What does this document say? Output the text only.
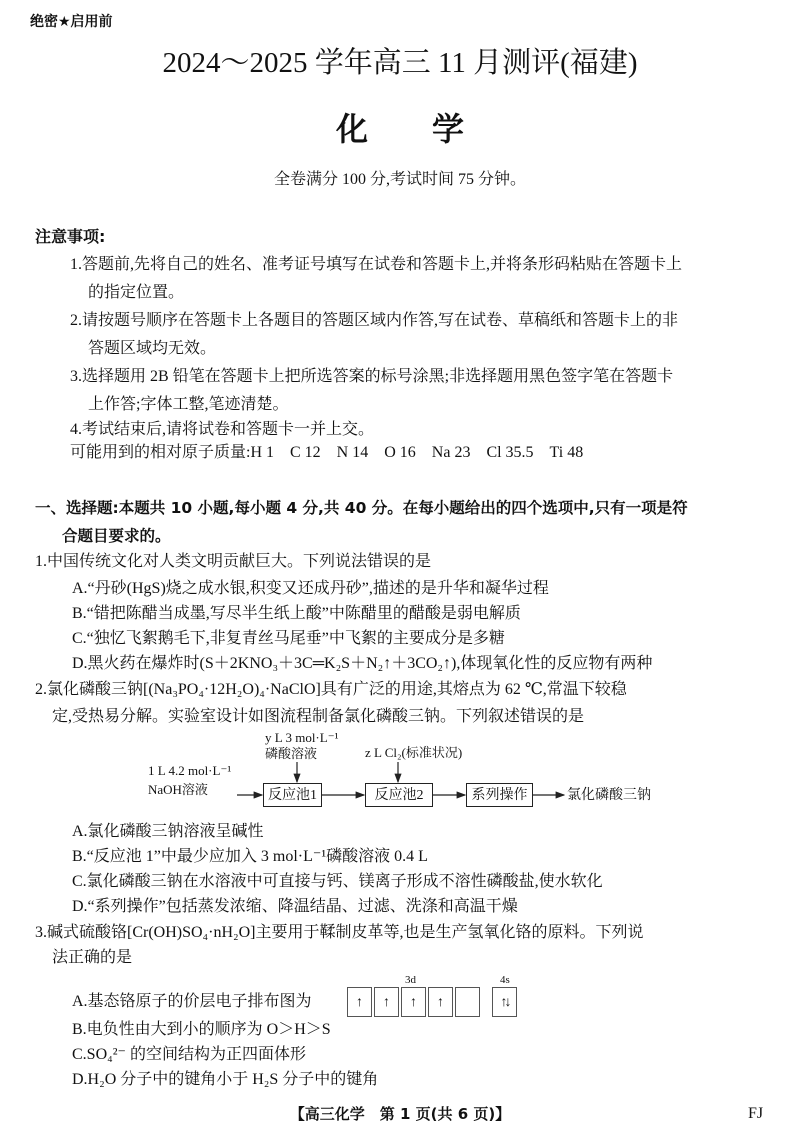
绝密★启用前
2024～2025 学年高三 11 月测评(福建)
化　　学
全卷满分 100 分,考试时间 75 分钟。
注意事项:
1.答题前,先将自己的姓名、准考证号填写在试卷和答题卡上,并将条形码粘贴在答题卡上
的指定位置。
2.请按题号顺序在答题卡上各题目的答题区域内作答,写在试卷、草稿纸和答题卡上的非
答题区域均无效。
3.选择题用 2B 铅笔在答题卡上把所选答案的标号涂黑;非选择题用黑色签字笔在答题卡
上作答;字体工整,笔迹清楚。
4.考试结束后,请将试卷和答题卡一并上交。
可能用到的相对原子质量:H 1　C 12　N 14　O 16　Na 23　Cl 35.5　Ti 48
一、选择题:本题共 10 小题,每小题 4 分,共 40 分。在每小题给出的四个选项中,只有一项是符
合题目要求的。
1.中国传统文化对人类文明贡献巨大。下列说法错误的是
A.“丹砂(HgS)烧之成水银,积变又还成丹砂”,描述的是升华和凝华过程
B.“错把陈醋当成墨,写尽半生纸上酸”中陈醋里的醋酸是弱电解质
C.“独忆飞絮鹅毛下,非复青丝马尾垂”中飞絮的主要成分是多糖
D.黑火药在爆炸时(S＋2KNO₃＋3C═K₂S＋N₂↑＋3CO₂↑),体现氧化性的反应物有两种
2.氯化磷酸三钠[(Na₃PO₄·12H₂O)₄·NaClO]具有广泛的用途,其熔点为 62 ℃,常温下较稳
定,受热易分解。实验室设计如图流程制备氯化磷酸三钠。下列叙述错误的是
y L 3 mol·L⁻¹
磷酸溶液	z L Cl₂(标准状况)
1 L 4.2 mol·L⁻¹
NaOH溶液	反应池1	反应池2	系列操作	氯化磷酸三钠
A.氯化磷酸三钠溶液呈碱性
B.“反应池 1”中最少应加入 3 mol·L⁻¹磷酸溶液 0.4 L
C.氯化磷酸三钠在水溶液中可直接与钙、镁离子形成不溶性磷酸盐,使水软化
D.“系列操作”包括蒸发浓缩、降温结晶、过滤、洗涤和高温干燥
3.碱式硫酸铬[Cr(OH)SO₄·nH₂O]主要用于鞣制皮革等,也是生产氢氧化铬的原料。下列说
法正确的是
3d	4s
A.基态铬原子的价层电子排布图为	↑	↑	↑	↑	↑↓
B.电负性由大到小的顺序为 O＞H＞S
C.SO₄²⁻ 的空间结构为正四面体形
D.H₂O 分子中的键角小于 H₂S 分子中的键角
【高三化学　第 1 页(共 6 页)】	FJ
